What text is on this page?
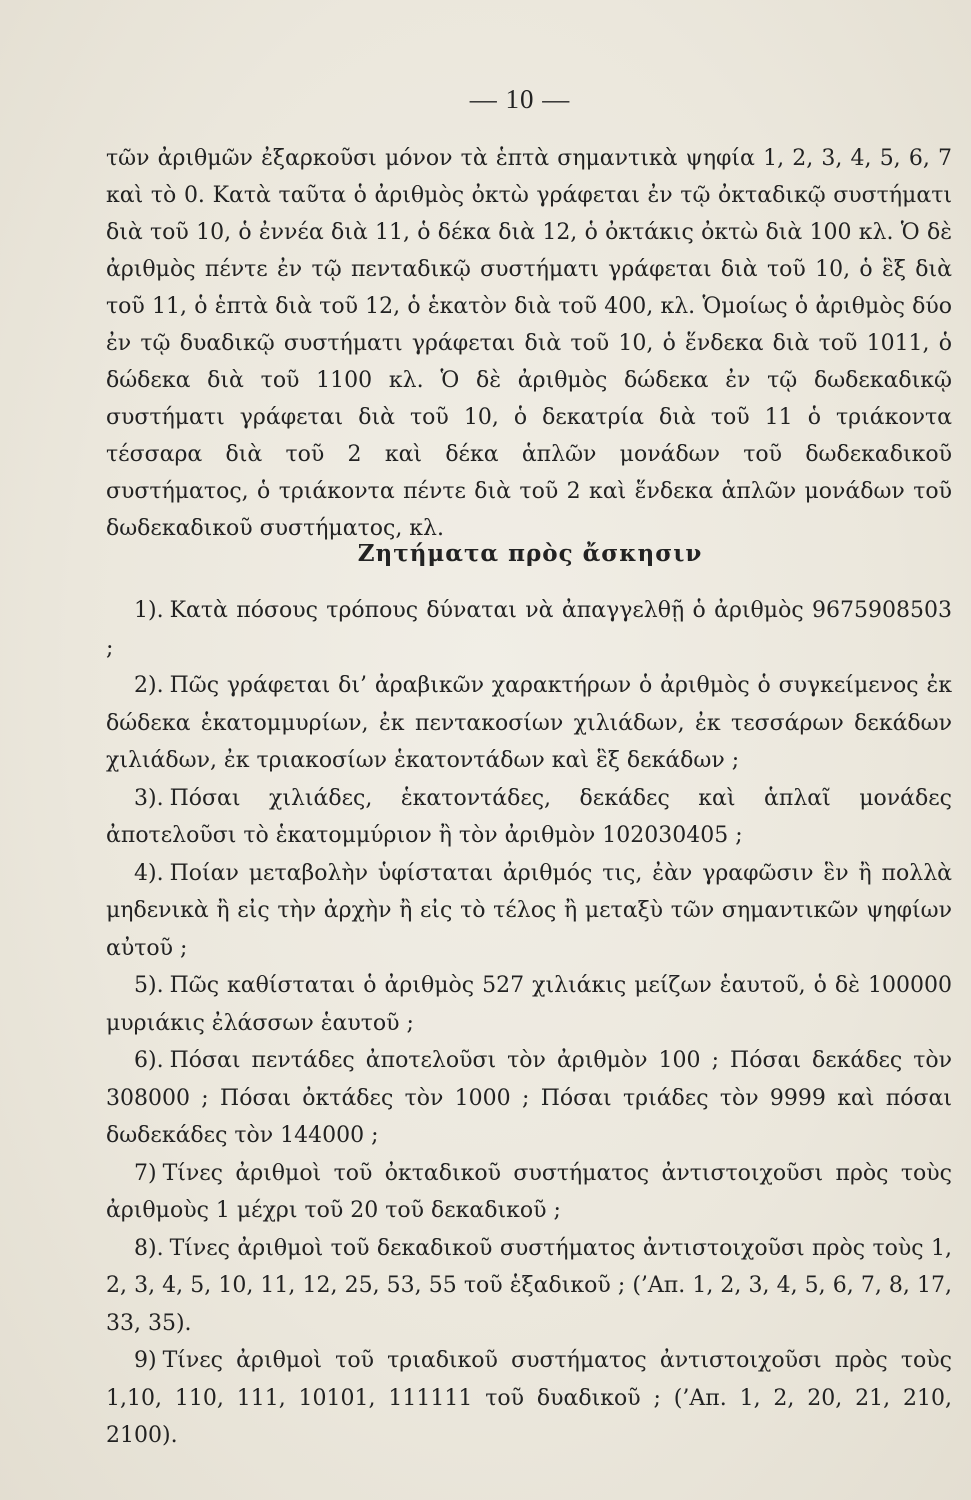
— 10 —

τῶν ἀριθμῶν ἐξαρκοῦσι μόνον τὰ ἑπτὰ σημαντικὰ ψηφία 1, 2, 3, 4, 5, 6, 7 καὶ τὸ 0. Κατὰ ταῦτα ὁ ἀριθμὸς ὀκτὼ γράφεται ἐν τῷ ὀκταδικῷ συστήματι διὰ τοῦ 10, ὁ ἐννέα διὰ 11, ὁ δέκα διὰ 12, ὁ ὀκτάκις ὀκτὼ διὰ 100 κλ. Ὁ δὲ ἀριθμὸς πέντε ἐν τῷ πενταδικῷ συστήματι γράφεται διὰ τοῦ 10, ὁ ἓξ διὰ τοῦ 11, ὁ ἑπτὰ διὰ τοῦ 12, ὁ ἑκατὸν διὰ τοῦ 400, κλ. Ὁμοίως ὁ ἀριθμὸς δύο ἐν τῷ δυαδικῷ συστήματι γράφεται διὰ τοῦ 10, ὁ ἕνδεκα διὰ τοῦ 1011, ὁ δώδεκα διὰ τοῦ 1100 κλ. Ὁ δὲ ἀριθμὸς δώδεκα ἐν τῷ δωδεκαδικῷ συστήματι γράφεται διὰ τοῦ 10, ὁ δεκατρία διὰ τοῦ 11 ὁ τριάκοντα τέσσαρα διὰ τοῦ 2 καὶ δέκα ἁπλῶν μονάδων τοῦ δωδεκαδικοῦ συστήματος, ὁ τριάκοντα πέντε διὰ τοῦ 2 καὶ ἕνδεκα ἁπλῶν μονάδων τοῦ δωδεκαδικοῦ συστήματος, κλ.

Ζητήματα πρὸς ἄσκησιν

1). Κατὰ πόσους τρόπους δύναται νὰ ἀπαγγελθῇ ὁ ἀριθμὸς 9675908503 ;

2). Πῶς γράφεται δι’ ἀραβικῶν χαρακτήρων ὁ ἀριθμὸς ὁ συγκείμενος ἐκ δώδεκα ἑκατομμυρίων, ἐκ πεντακοσίων χιλιάδων, ἐκ τεσσάρων δεκάδων χιλιάδων, ἐκ τριακοσίων ἑκατοντάδων καὶ ἓξ δεκάδων ;

3). Πόσαι χιλιάδες, ἑκατοντάδες, δεκάδες καὶ ἁπλαῖ μονάδες ἀποτελοῦσι τὸ ἑκατομμύριον ἢ τὸν ἀριθμὸν 102030405 ;

4). Ποίαν μεταβολὴν ὑφίσταται ἀριθμός τις, ἐὰν γραφῶσιν ἓν ἢ πολλὰ μηδενικὰ ἢ εἰς τὴν ἀρχὴν ἢ εἰς τὸ τέλος ἢ μεταξὺ τῶν σημαντικῶν ψηφίων αὐτοῦ ;

5). Πῶς καθίσταται ὁ ἀριθμὸς 527 χιλιάκις μείζων ἑαυτοῦ, ὁ δὲ 100000 μυριάκις ἐλάσσων ἑαυτοῦ ;

6). Πόσαι πεντάδες ἀποτελοῦσι τὸν ἀριθμὸν 100 ; Πόσαι δεκάδες τὸν 308000 ; Πόσαι ὀκτάδες τὸν 1000 ; Πόσαι τριάδες τὸν 9999 καὶ πόσαι δωδεκάδες τὸν 144000 ;

7) Τίνες ἀριθμοὶ τοῦ ὀκταδικοῦ συστήματος ἀντιστοιχοῦσι πρὸς τοὺς ἀριθμοὺς 1 μέχρι τοῦ 20 τοῦ δεκαδικοῦ ;

8). Τίνες ἀριθμοὶ τοῦ δεκαδικοῦ συστήματος ἀντιστοιχοῦσι πρὸς τοὺς 1, 2, 3, 4, 5, 10, 11, 12, 25, 53, 55 τοῦ ἑξαδικοῦ ; (’Απ. 1, 2, 3, 4, 5, 6, 7, 8, 17, 33, 35).

9) Τίνες ἀριθμοὶ τοῦ τριαδικοῦ συστήματος ἀντιστοιχοῦσι πρὸς τοὺς 1,10, 110, 111, 10101, 111111 τοῦ δυαδικοῦ ; (’Απ. 1, 2, 20, 21, 210, 2100).
